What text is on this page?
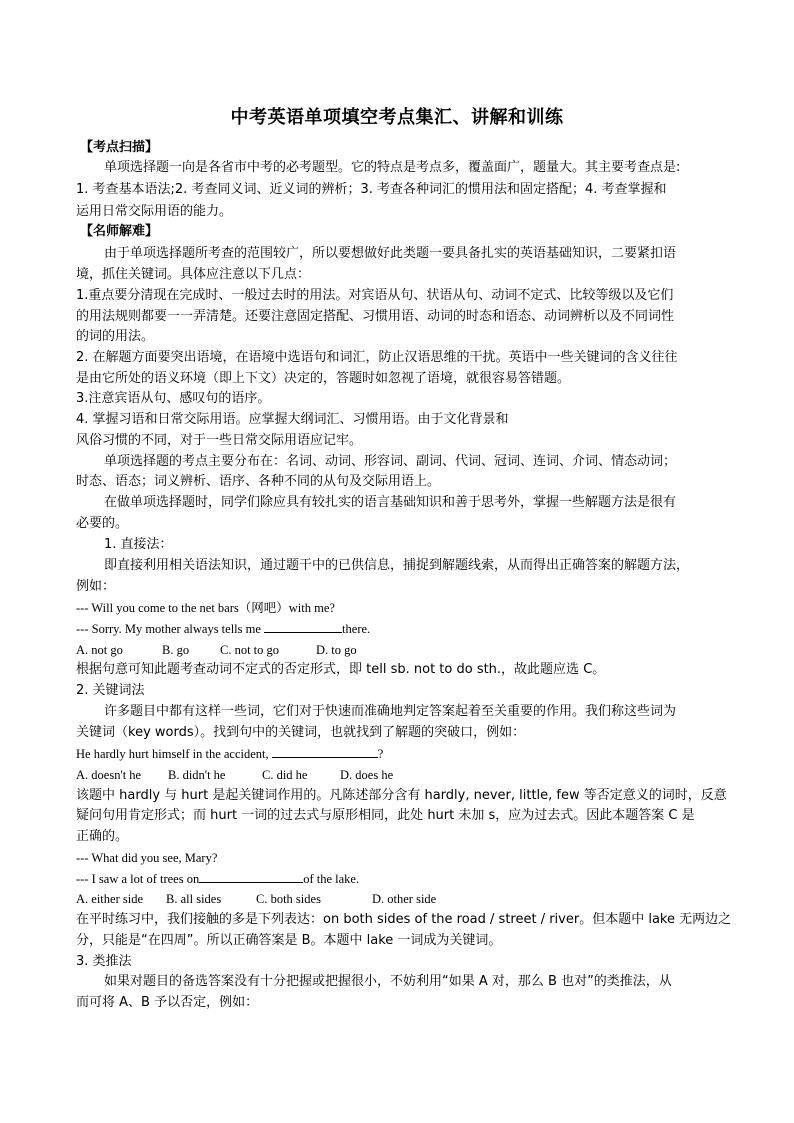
中考英语单项填空考点集汇、讲解和训练
【考点扫描】
单项选择题一向是各省市中考的必考题型。它的特点是考点多，覆盖面广，题量大。其主要考查点是:
1. 考查基本语法;2. 考查同义词、近义词的辨析；3. 考查各种词汇的惯用法和固定搭配；4. 考查掌握和
运用日常交际用语的能力。
【名师解难】
由于单项选择题所考查的范围较广，所以要想做好此类题一要具备扎实的英语基础知识，二要紧扣语
境，抓住关键词。具体应注意以下几点：
1.重点要分清现在完成时、一般过去时的用法。对宾语从句、状语从句、动词不定式、比较等级以及它们
的用法规则都要一一弄清楚。还要注意固定搭配、习惯用语、动词的时态和语态、动词辨析以及不同词性
的词的用法。
2. 在解题方面要突出语境，在语境中选语句和词汇，防止汉语思维的干扰。英语中一些关键词的含义往往
是由它所处的语义环境（即上下文）决定的，答题时如忽视了语境，就很容易答错题。
3.注意宾语从句、感叹句的语序。
4. 掌握习语和日常交际用语。应掌握大纲词汇、习惯用语。由于文化背景和
风俗习惯的不同，对于一些日常交际用语应记牢。
单项选择题的考点主要分布在：名词、动词、形容词、副词、代词、冠词、连词、介词、情态动词；
时态、语态；词义辨析、语序、各种不同的从句及交际用语上。
在做单项选择题时，同学们除应具有较扎实的语言基础知识和善于思考外，掌握一些解题方法是很有
必要的。
1. 直接法：
即直接利用相关语法知识，通过题干中的已供信息，捕捉到解题线索，从而得出正确答案的解题方法，
例如：
--- Will you come to the net bars（网吧）with me?
--- Sorry. My mother always tells me	there.
A. not go	B. go C. not to go	D. to go
根据句意可知此题考查动词不定式的否定形式，即 tell sb. not to do sth.，故此题应选 C。
2. 关键词法
许多题目中都有这样一些词，它们对于快速而准确地判定答案起着至关重要的作用。我们称这些词为
关键词（key words）。找到句中的关键词，也就找到了解题的突破口，例如：
He hardly hurt himself in the accident,	?
A. doesn't he B. didn't he	C. did he	D. does he
该题中 hardly 与 hurt 是起关键词作用的。凡陈述部分含有 hardly, never, little, few 等否定意义的词时，反意
疑问句用肯定形式；而 hurt 一词的过去式与原形相同，此处 hurt 未加 s，应为过去式。因此本题答案 C 是
正确的。
--- What did you see, Mary?
--- I saw a lot of trees on	of the lake.
A. either side B. all sides	C. both sides	D. other side
在平时练习中，我们接触的多是下列表达：on both sides of the road / street / river。但本题中 lake 无两边之
分，只能是“在四周”。所以正确答案是 B。本题中 lake 一词成为关键词。
3. 类推法
如果对题目的备选答案没有十分把握或把握很小，不妨利用“如果 A 对，那么 B 也对”的类推法，从
而可将 A、B 予以否定，例如：
